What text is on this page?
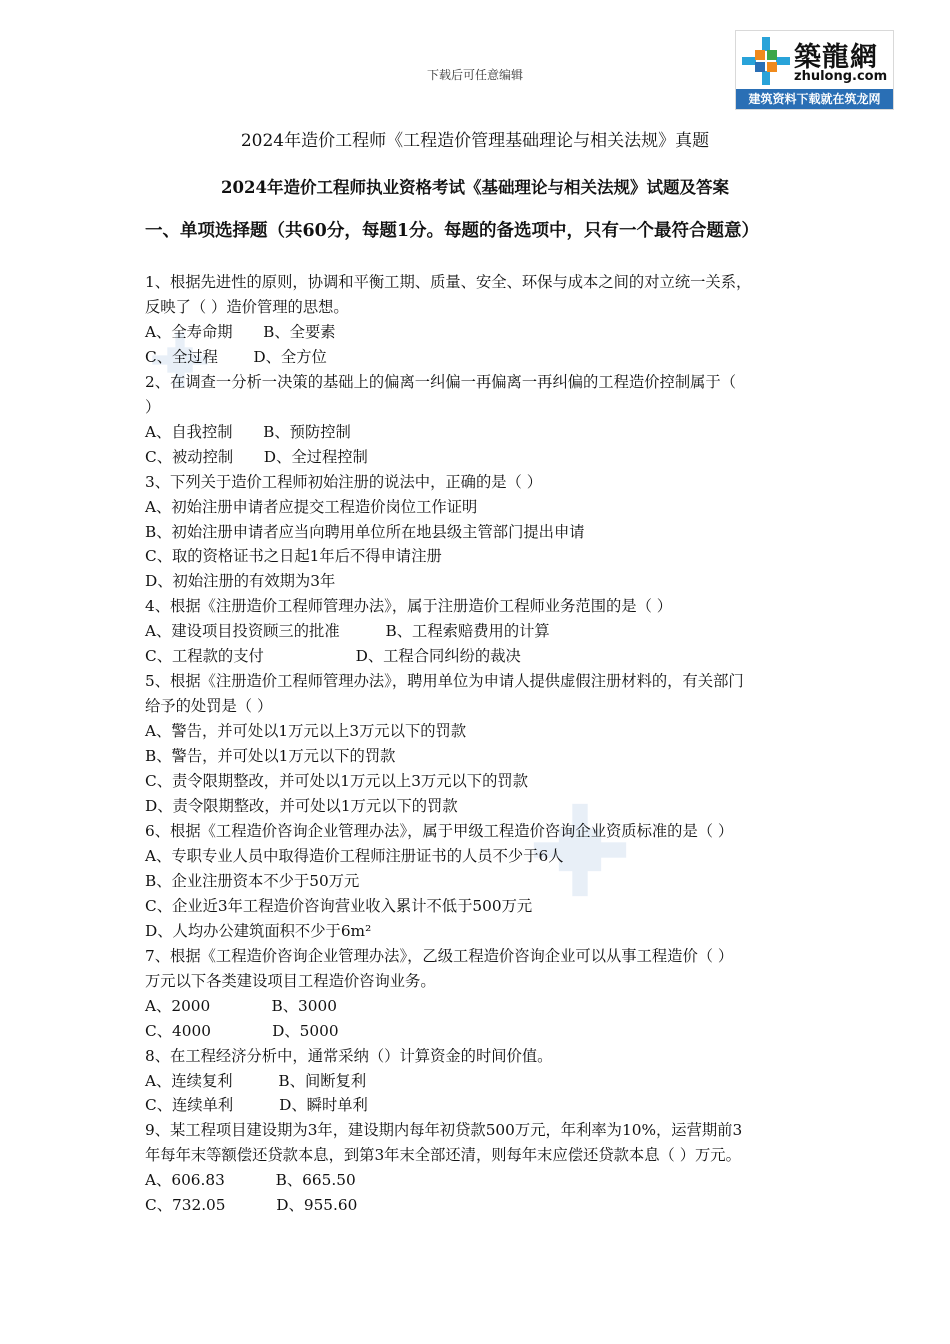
下载后可任意编辑
築龍網
zhulong.com
建筑资料下载就在筑龙网
2024年造价工程师《工程造价管理基础理论与相关法规》真题
2024年造价工程师执业资格考试《基础理论与相关法规》试题及答案
一、单项选择题（共60分，每题1分。每题的备选项中，只有一个最符合题意）

1、根据先进性的原则，协调和平衡工期、质量、安全、环保与成本之间的对立统一关系，

反映了（ ）造价管理的思想。

A、全寿命期　　B、全要素

C、全过程　　 D、全方位

2、在调查一分析一决策的基础上的偏离一纠偏一再偏离一再纠偏的工程造价控制属于（

）

A、自我控制　　B、预防控制

C、被动控制　　D、全过程控制

3、下列关于造价工程师初始注册的说法中，正确的是（ ）

A、初始注册申请者应提交工程造价岗位工作证明

B、初始注册申请者应当向聘用单位所在地县级主管部门提出申请

C、取的资格证书之日起1年后不得申请注册

D、初始注册的有效期为3年

4、根据《注册造价工程师管理办法》，属于注册造价工程师业务范围的是（ ）

A、建设项目投资顾三的批准　　　B、工程索赔费用的计算

C、工程款的支付　　　　　　D、工程合同纠纷的裁决

5、根据《注册造价工程师管理办法》，聘用单位为申请人提供虚假注册材料的，有关部门

给予的处罚是（ ）

A、警告，并可处以1万元以上3万元以下的罚款

B、警告，并可处以1万元以下的罚款

C、责令限期整改，并可处以1万元以上3万元以下的罚款

D、责令限期整改，并可处以1万元以下的罚款

6、根据《工程造价咨询企业管理办法》，属于甲级工程造价咨询企业资质标准的是（ ）

A、专职专业人员中取得造价工程师注册证书的人员不少于6人

B、企业注册资本不少于50万元

C、企业近3年工程造价咨询营业收入累计不低于500万元

D、人均办公建筑面积不少于6m²

7、根据《工程造价咨询企业管理办法》，乙级工程造价咨询企业可以从事工程造价（ ）

万元以下各类建设项目工程造价咨询业务。

A、2000　　　　B、3000

C、4000　　　　D、5000

8、在工程经济分析中，通常采纳（）计算资金的时间价值。

A、连续复利　　　B、间断复利

C、连续单利　　　D、瞬时单利

9、某工程项目建设期为3年，建设期内每年初贷款500万元，年利率为10%，运营期前3

年每年末等额偿还贷款本息，到第3年末全部还清，则每年末应偿还贷款本息（ ）万元。

A、606.83　　　 B、665.50

C、732.05　　　 D、955.60
